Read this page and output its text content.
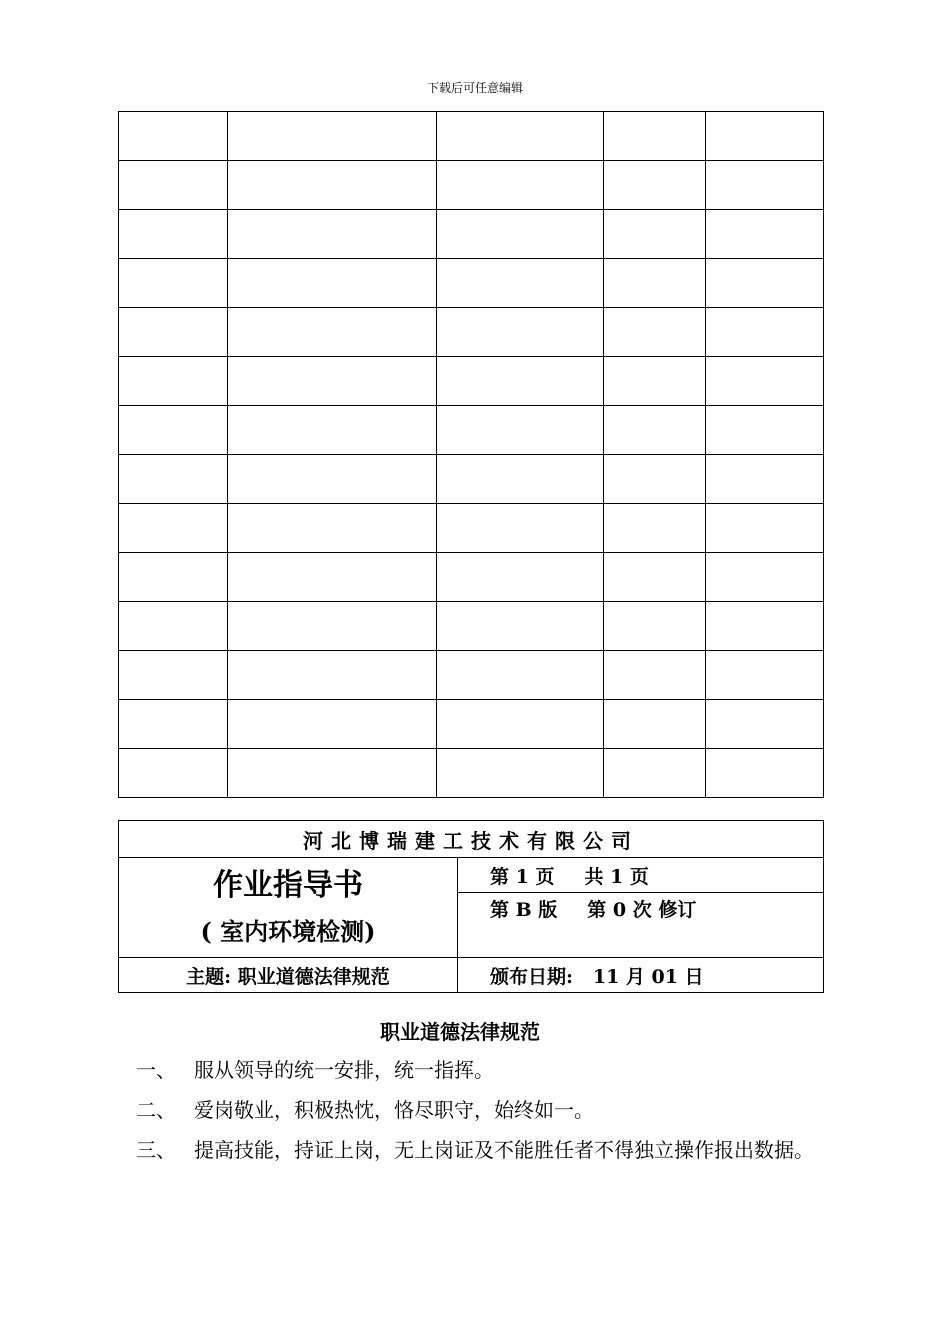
下载后可任意编辑

河北博瑞建工技术有限公司	

作业指导书
( 室内环境检测)	第 1 页 共 1 页
	第 B 版 第 0 次 修订
主题: 职业道德法律规范	颁布日期: 11 月 01 日
职业道德法律规范
一、 服从领导的统一安排，统一指挥。
二、 爱岗敬业，积极热忱，恪尽职守，始终如一。
三、 提高技能，持证上岗，无上岗证及不能胜任者不得独立操作报出数据。
